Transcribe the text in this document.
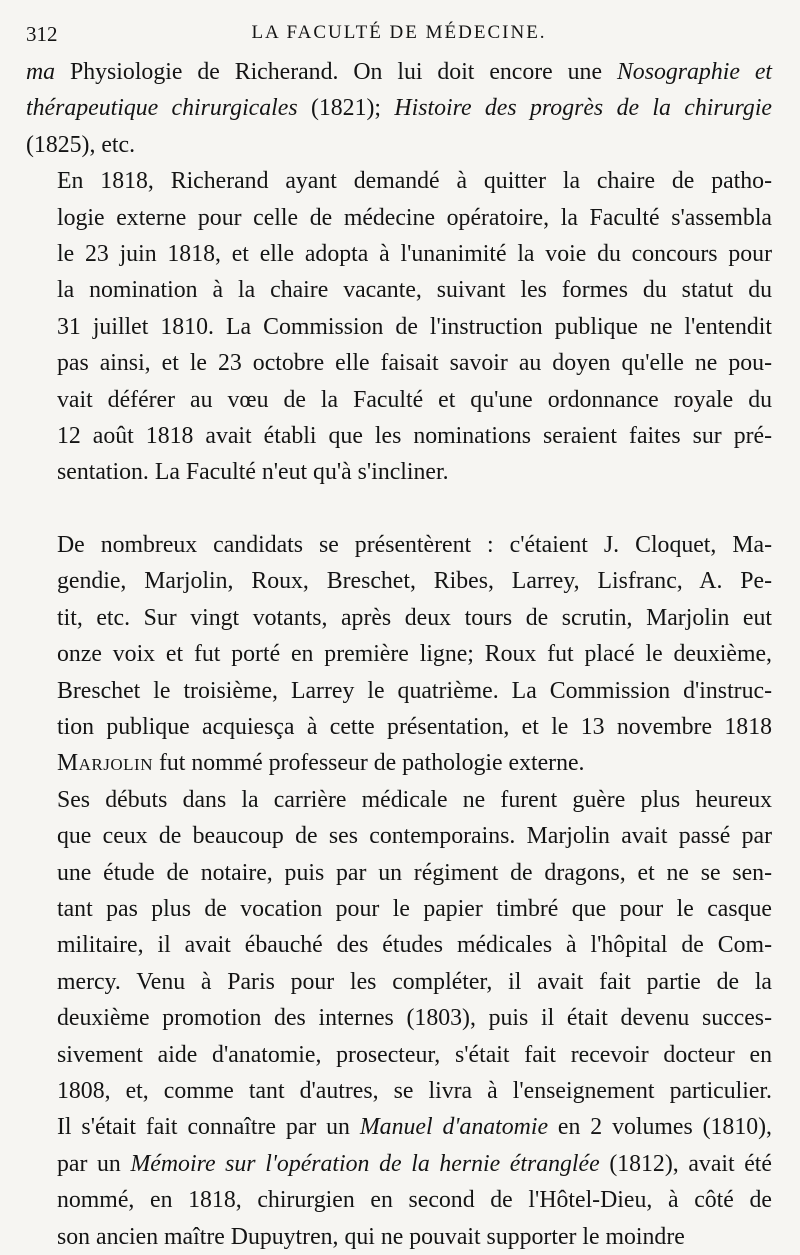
312	LA FACULTÉ DE MÉDECINE.

ma Physiologie de Richerand. On lui doit encore une Nosographie et
thérapeutique chirurgicales (1821); Histoire des progrès de la chirurgie
(1825), etc.

En 1818, Richerand ayant demandé à quitter la chaire de patho-
logie externe pour celle de médecine opératoire, la Faculté s'assembla
le 23 juin 1818, et elle adopta à l'unanimité la voie du concours pour
la nomination à la chaire vacante, suivant les formes du statut du
31 juillet 1810. La Commission de l'instruction publique ne l'entendit
pas ainsi, et le 23 octobre elle faisait savoir au doyen qu'elle ne pou-
vait déférer au vœu de la Faculté et qu'une ordonnance royale du
12 août 1818 avait établi que les nominations seraient faites sur pré-
sentation. La Faculté n'eut qu'à s'incliner.

De nombreux candidats se présentèrent : c'étaient J. Cloquet, Ma-
gendie, Marjolin, Roux, Breschet, Ribes, Larrey, Lisfranc, A. Pe-
tit, etc. Sur vingt votants, après deux tours de scrutin, Marjolin eut
onze voix et fut porté en première ligne; Roux fut placé le deuxième,
Breschet le troisième, Larrey le quatrième. La Commission d'instruc-
tion publique acquiesça à cette présentation, et le 13 novembre 1818
Marjolin fut nommé professeur de pathologie externe.

Ses débuts dans la carrière médicale ne furent guère plus heureux
que ceux de beaucoup de ses contemporains. Marjolin avait passé par
une étude de notaire, puis par un régiment de dragons, et ne se sen-
tant pas plus de vocation pour le papier timbré que pour le casque
militaire, il avait ébauché des études médicales à l'hôpital de Com-
mercy. Venu à Paris pour les compléter, il avait fait partie de la
deuxième promotion des internes (1803), puis il était devenu succes-
sivement aide d'anatomie, prosecteur, s'était fait recevoir docteur en
1808, et, comme tant d'autres, se livra à l'enseignement particulier.
Il s'était fait connaître par un Manuel d'anatomie en 2 volumes (1810),
par un Mémoire sur l'opération de la hernie étranglée (1812), avait été
nommé, en 1818, chirurgien en second de l'Hôtel-Dieu, à côté de
son ancien maître Dupuytren, qui ne pouvait supporter le moindre
